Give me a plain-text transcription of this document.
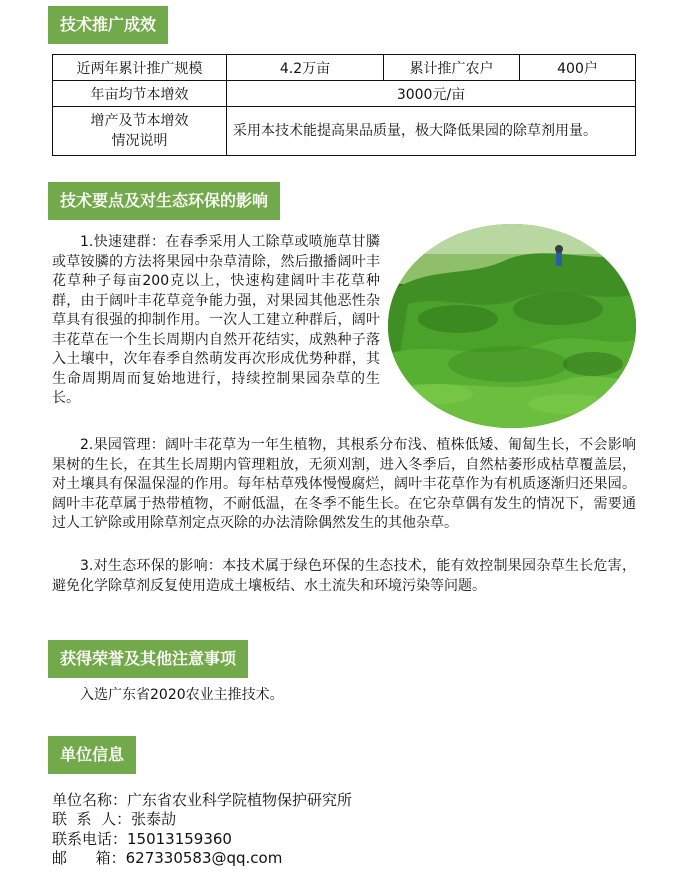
技术推广成效
近两年累计推广规模	4.2万亩	累计推广农户	400户
年亩均节本增效	3000元/亩		
增产及节本增效
情况说明	采用本技术能提高果品质量，极大降低果园的除草剂用量。		
技术要点及对生态环保的影响

1.快速建群：在春季采用人工除草或喷施草甘膦或草铵膦的方法将果园中杂草清除，然后撒播阔叶丰花草种子每亩200克以上，快速构建阔叶丰花草种群，由于阔叶丰花草竞争能力强，对果园其他恶性杂草具有很强的抑制作用。一次人工建立种群后，阔叶丰花草在一个生长周期内自然开花结实，成熟种子落入土壤中，次年春季自然萌发再次形成优势种群，其生命周期周而复始地进行，持续控制果园杂草的生长。

2.果园管理：阔叶丰花草为一年生植物，其根系分布浅、植株低矮、匍匐生长，不会影响果树的生长，在其生长周期内管理粗放，无须刈割，进入冬季后，自然枯萎形成枯草覆盖层，对土壤具有保温保湿的作用。每年枯草残体慢慢腐烂，阔叶丰花草作为有机质逐渐归还果园。阔叶丰花草属于热带植物，不耐低温，在冬季不能生长。在它杂草偶有发生的情况下，需要通过人工铲除或用除草剂定点灭除的办法清除偶然发生的其他杂草。

3.对生态环保的影响：本技术属于绿色环保的生态技术，能有效控制果园杂草生长危害，避免化学除草剂反复使用造成土壤板结、水土流失和环境污染等问题。

获得荣誉及其他注意事项

入选广东省2020农业主推技术。

单位信息
单位名称：广东省农业科学院植物保护研究所
联  系  人：张泰劼
联系电话：15013159360
邮      箱：627330583@qq.com
